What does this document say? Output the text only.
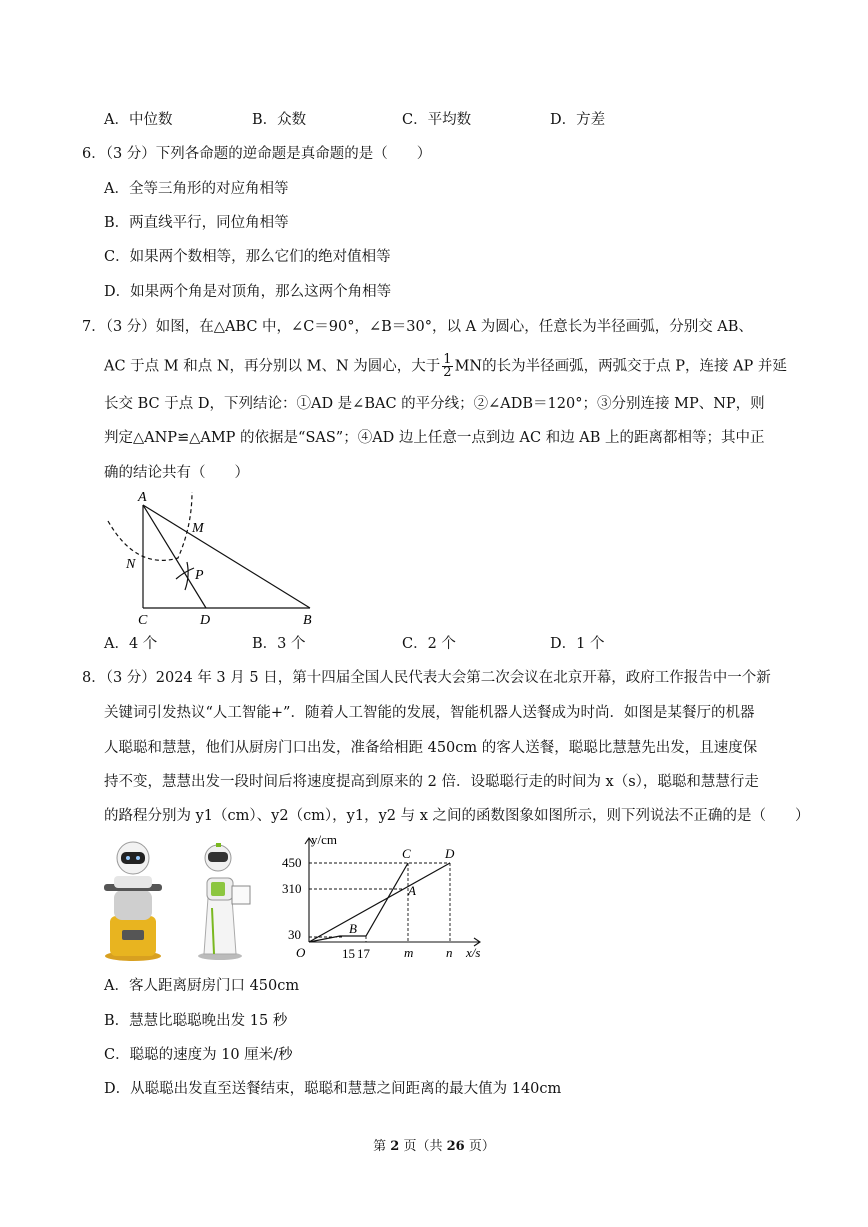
A．中位数	B．众数	C．平均数	D．方差
6．（3 分）下列各命题的逆命题是真命题的是（　　）
A．全等三角形的对应角相等
B．两直线平行，同位角相等
C．如果两个数相等，那么它们的绝对值相等
D．如果两个角是对顶角，那么这两个角相等
7．（3 分）如图，在△ABC 中，∠C＝90°，∠B＝30°，以 A 为圆心，任意长为半径画弧，分别交 AB、
AC 于点 M 和点 N，再分别以 M、N 为圆心，大于 $\frac{1}{2}$ MN的长为半径画弧，两弧交于点 P，连接 AP 并延
长交 BC 于点 D，下列结论：①AD 是∠BAC 的平分线；②∠ADB＝120°；③分别连接 MP、NP，则
判定△ANP≌△AMP 的依据是“SAS”；④AD 边上任意一点到边 AC 和边 AB 上的距离都相等；其中正
确的结论共有（　　）
A
M
N
P
C	D	B
A．4 个	B．3 个	C．2 个	D．1 个
8．（3 分）2024 年 3 月 5 日，第十四届全国人民代表大会第二次会议在北京开幕，政府工作报告中一个新
关键词引发热议“人工智能+”．随着人工智能的发展，智能机器人送餐成为时尚．如图是某餐厅的机器
人聪聪和慧慧，他们从厨房门口出发，准备给相距 450cm 的客人送餐，聪聪比慧慧先出发，且速度保
持不变，慧慧出发一段时间后将速度提高到原来的 2 倍．设聪聪行走的时间为 x（s），聪聪和慧慧行走
的路程分别为 y1（cm）、y2（cm），y1，y2 与 x 之间的函数图象如图所示，则下列说法不正确的是（　　）
y/cm
x/s
O
450
310
30
15 17	m	n
C	D
A
B
A．客人距离厨房门口 450cm
B．慧慧比聪聪晚出发 15 秒
C．聪聪的速度为 10 厘米/秒
D．从聪聪出发直至送餐结束，聪聪和慧慧之间距离的最大值为 140cm
第 2 页（共 26 页）
